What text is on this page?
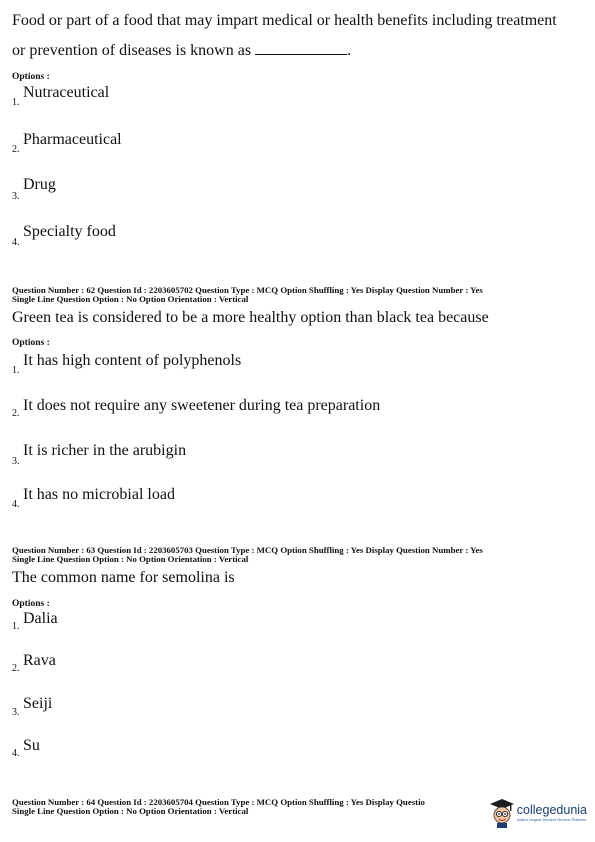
Food or part of a food that may impart medical or health benefits including treatment
or prevention of diseases is known as	.
Options :
1.
Nutraceutical
2.
Pharmaceutical
3.
Drug
4.
Specialty food
Question Number : 62 Question Id : 2203605702 Question Type : MCQ Option Shuffling : Yes Display Question Number : Yes
Single Line Question Option : No Option Orientation : Vertical
Green tea is considered to be a more healthy option than black tea because
Options :
1.
It has high content of polyphenols
2. It does not require any sweetener during tea preparation
3.
It is richer in the arubigin
4.
It has no microbial load
Question Number : 63 Question Id : 2203605703 Question Type : MCQ Option Shuffling : Yes Display Question Number : Yes
Single Line Question Option : No Option Orientation : Vertical
The common name for semolina is
Options :
1. Dalia
2. Rava
3.
Seiji
4. Su
Question Number : 64 Question Id : 2203605704 Question Type : MCQ Option Shuffling : Yes Display Questio
Single Line Question Option : No Option Orientation : Vertical	collegedunia
India's largest Student Review Platform
